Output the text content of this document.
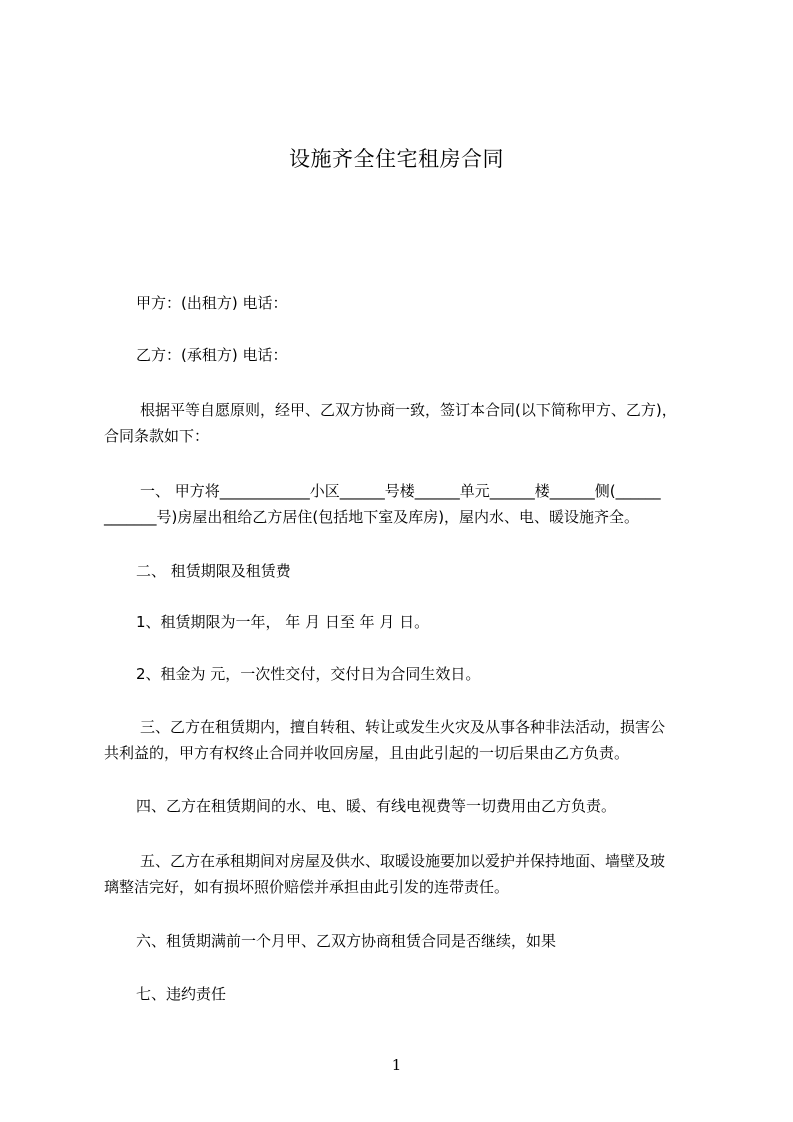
设施齐全住宅租房合同
甲方：(出租方) 电话：
乙方：(承租方) 电话：
根据平等自愿原则，经甲、乙双方协商一致，签订本合同(以下简称甲方、乙方)，
合同条款如下：
一、 甲方将____________小区______号楼______单元______楼______侧(______
_______号)房屋出租给乙方居住(包括地下室及库房)，屋内水、电、暖设施齐全。
二、 租赁期限及租赁费
1、租赁期限为一年， 年 月 日至 年 月 日。
2、租金为 元，一次性交付，交付日为合同生效日。
三、乙方在租赁期内，擅自转租、转让或发生火灾及从事各种非法活动，损害公
共利益的，甲方有权终止合同并收回房屋，且由此引起的一切后果由乙方负责。
四、乙方在租赁期间的水、电、暖、有线电视费等一切费用由乙方负责。
五、乙方在承租期间对房屋及供水、取暖设施要加以爱护并保持地面、墙壁及玻
璃整洁完好，如有损坏照价赔偿并承担由此引发的连带责任。
六、租赁期满前一个月甲、乙双方协商租赁合同是否继续，如果
七、违约责任
1
